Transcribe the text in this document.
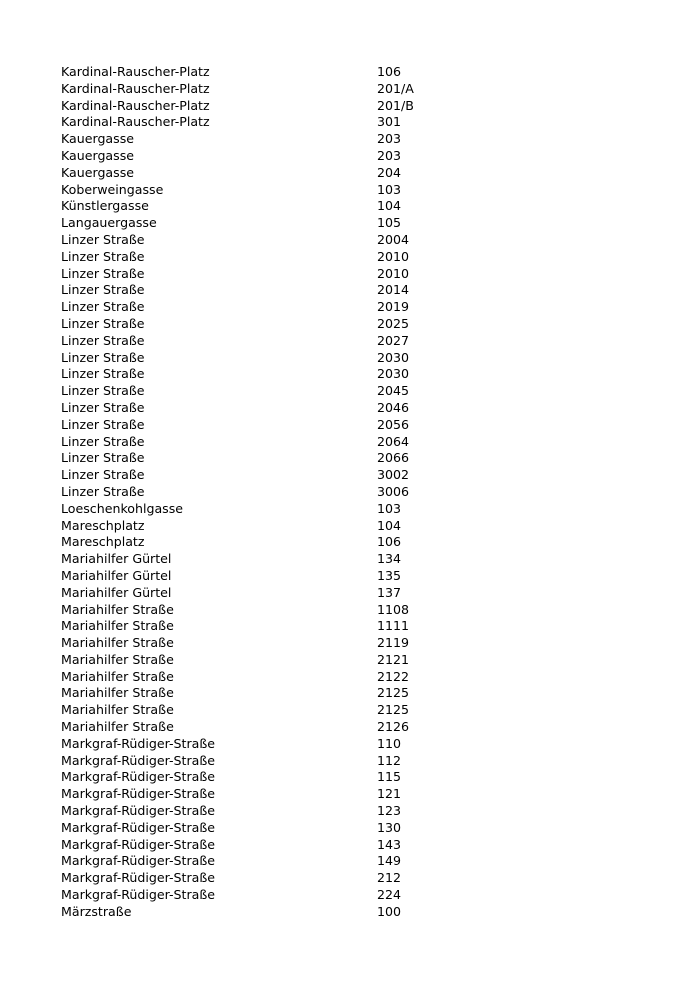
Kardinal-Rauscher-Platz	106
Kardinal-Rauscher-Platz	201/A
Kardinal-Rauscher-Platz	201/B
Kardinal-Rauscher-Platz	301
Kauergasse	203
Kauergasse	203
Kauergasse	204
Koberweingasse	103
Künstlergasse	104
Langauergasse	105
Linzer Straße	2004
Linzer Straße	2010
Linzer Straße	2010
Linzer Straße	2014
Linzer Straße	2019
Linzer Straße	2025
Linzer Straße	2027
Linzer Straße	2030
Linzer Straße	2030
Linzer Straße	2045
Linzer Straße	2046
Linzer Straße	2056
Linzer Straße	2064
Linzer Straße	2066
Linzer Straße	3002
Linzer Straße	3006
Loeschenkohlgasse	103
Mareschplatz	104
Mareschplatz	106
Mariahilfer Gürtel	134
Mariahilfer Gürtel	135
Mariahilfer Gürtel	137
Mariahilfer Straße	1108
Mariahilfer Straße	1111
Mariahilfer Straße	2119
Mariahilfer Straße	2121
Mariahilfer Straße	2122
Mariahilfer Straße	2125
Mariahilfer Straße	2125
Mariahilfer Straße	2126
Markgraf-Rüdiger-Straße	110
Markgraf-Rüdiger-Straße	112
Markgraf-Rüdiger-Straße	115
Markgraf-Rüdiger-Straße	121
Markgraf-Rüdiger-Straße	123
Markgraf-Rüdiger-Straße	130
Markgraf-Rüdiger-Straße	143
Markgraf-Rüdiger-Straße	149
Markgraf-Rüdiger-Straße	212
Markgraf-Rüdiger-Straße	224
Märzstraße	100
